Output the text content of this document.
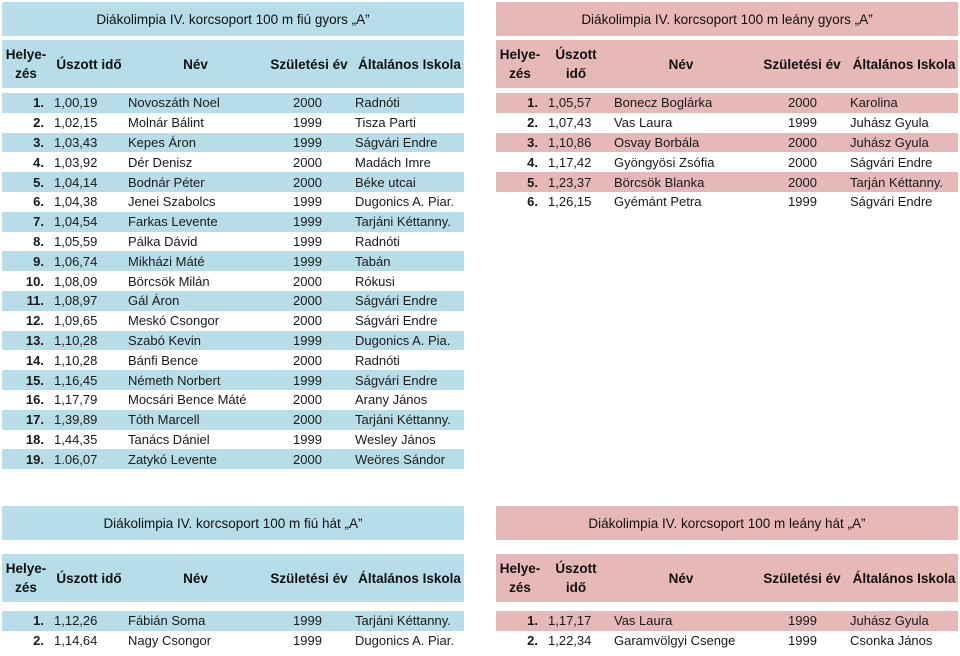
Diákolimpia IV. korcsoport 100 m fiú gyors „A”
Helye-
zés
Úszott idő	Név	Születési év Általános Iskola
1. 1,00,19	Novoszáth Noel	2000	Radnóti
2. 1,02,15	Molnár Bálint	1999	Tisza Parti
3. 1,03,43	Kepes Áron	1999	Ságvári Endre
4. 1,03,92	Dér Denisz	2000	Madách Imre
5. 1,04,14	Bodnár Péter	2000	Béke utcai
6. 1,04,38	Jenei Szabolcs	1999	Dugonics A. Piar.
7. 1,04,54	Farkas Levente	1999	Tarjáni Kéttanny.
8. 1,05,59	Pálka Dávid	1999	Radnóti
9. 1,06,74	Mikházi Máté	1999	Tabán
10. 1,08,09	Börcsök Milán	2000	Rókusi
11. 1,08,97	Gál Áron	2000	Ságvári Endre
12. 1,09,65	Meskó Csongor	2000	Ságvári Endre
13. 1,10,28	Szabó Kevin	1999	Dugonics A. Pia.
14. 1,10,28	Bánfi Bence	2000	Radnóti
15. 1,16,45	Németh Norbert	1999	Ságvári Endre
16. 1,17,79	Mocsári Bence Máté	2000	Arany János
17. 1,39,89	Tóth Marcell	2000	Tarjáni Kéttanny.
18. 1,44,35	Tanács Dániel	1999	Wesley János
19. 1.06,07	Zatykó Levente	2000	Weöres Sándor
Diákolimpia IV. korcsoport 100 m leány gyors „A”
Helye-
zés
Úszott
idő
Név	Születési év Általános Iskola
1. 1,05,57	Bonecz Boglárka	2000	Karolina
2. 1,07,43	Vas Laura	1999	Juhász Gyula
3. 1,10,86	Osvay Borbála	2000	Juhász Gyula
4. 1,17,42	Gyöngyösi Zsófia	2000	Ságvári Endre
5. 1,23,37	Börcsök Blanka	2000	Tarján Kéttanny.
6. 1,26,15	Gyémánt Petra	1999	Ságvári Endre
Diákolimpia IV. korcsoport 100 m fiú hát „A”
Helye-
zés
Úszott idő	Név	Születési év Általános Iskola
1. 1,12,26	Fábián Soma	1999	Tarjáni Kéttanny.
2. 1,14,64	Nagy Csongor	1999	Dugonics A. Piar.
Diákolimpia IV. korcsoport 100 m leány hát „A”
Helye-
zés
Úszott
idő
Név	Születési év Általános Iskola
1. 1,17,17	Vas Laura	1999	Juhász Gyula
2. 1,22,34	Garamvölgyi Csenge	1999	Csonka János
